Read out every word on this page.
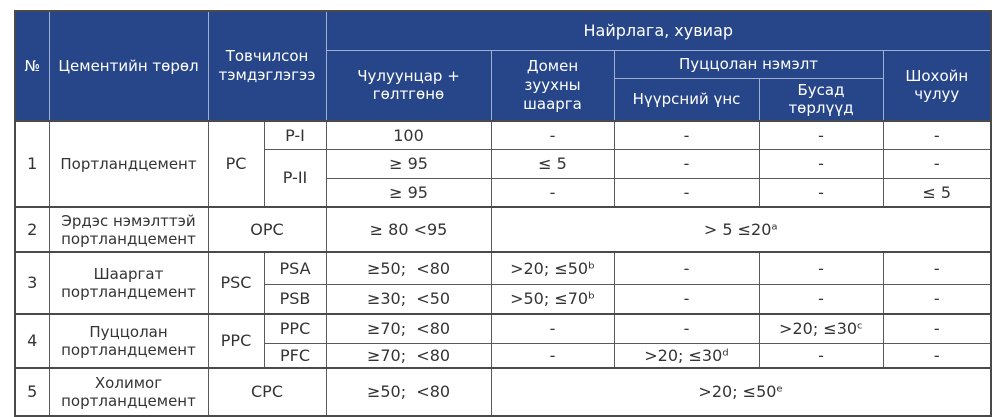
№	Цементийн төрөл	Товчилсон тэмдэглэгээ		Найрлага, хувиар				
				Чулуунцар + гөлтгөнө	Домен зуухны шаарга	Пуццолан нэмэлт		Шохойн чулуу
						Нүүрсний үнс	Бусад төрлүүд	
1	Портландцемент	PC	P-I	100	-	-	-	-
			P-II	≥ 95	≤ 5	-	-	-
				≥ 95	-	-	-	≤ 5
2	Эрдэс нэмэлттэй портландцемент	OPC		≥ 80 <95	> 5 ≤20ᵃ			
3	Шааргат портландцемент	PSC	PSA	≥50;  <80	>20; ≤50ᵇ	-	-	-
			PSB	≥30;  <50	>50; ≤70ᵇ	-	-	-
4	Пуццолан портландцемент	PPC	PPC	≥70;  <80	-	-	>20; ≤30ᶜ	-
			PFC	≥70;  <80	-	>20; ≤30ᵈ	-	-
5	Холимог портландцемент	CPC		≥50;  <80	>20; ≤50ᵉ			
